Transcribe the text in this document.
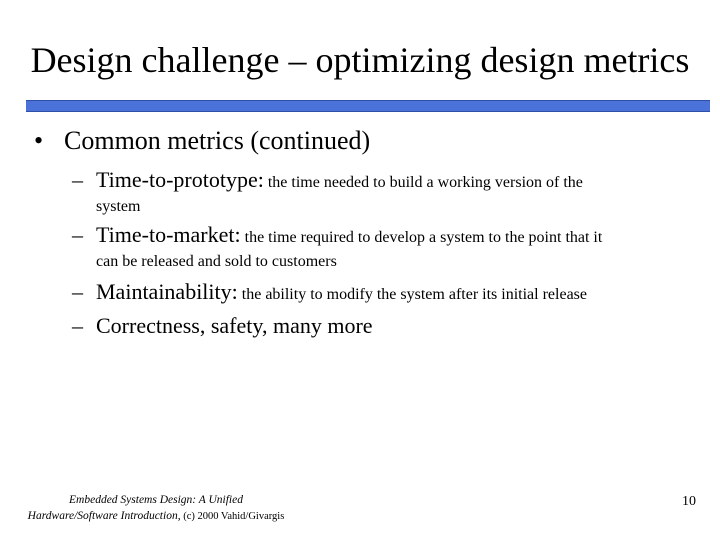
Design challenge – optimizing design metrics
• Common metrics (continued)
– Time-to-prototype: the time needed to build a working version of the
system
– Time-to-market: the time required to develop a system to the point that it
can be released and sold to customers
– Maintainability: the ability to modify the system after its initial release
– Correctness, safety, many more
Embedded Systems Design: A Unified
Hardware/Software Introduction, (c) 2000 Vahid/Givargis
10
